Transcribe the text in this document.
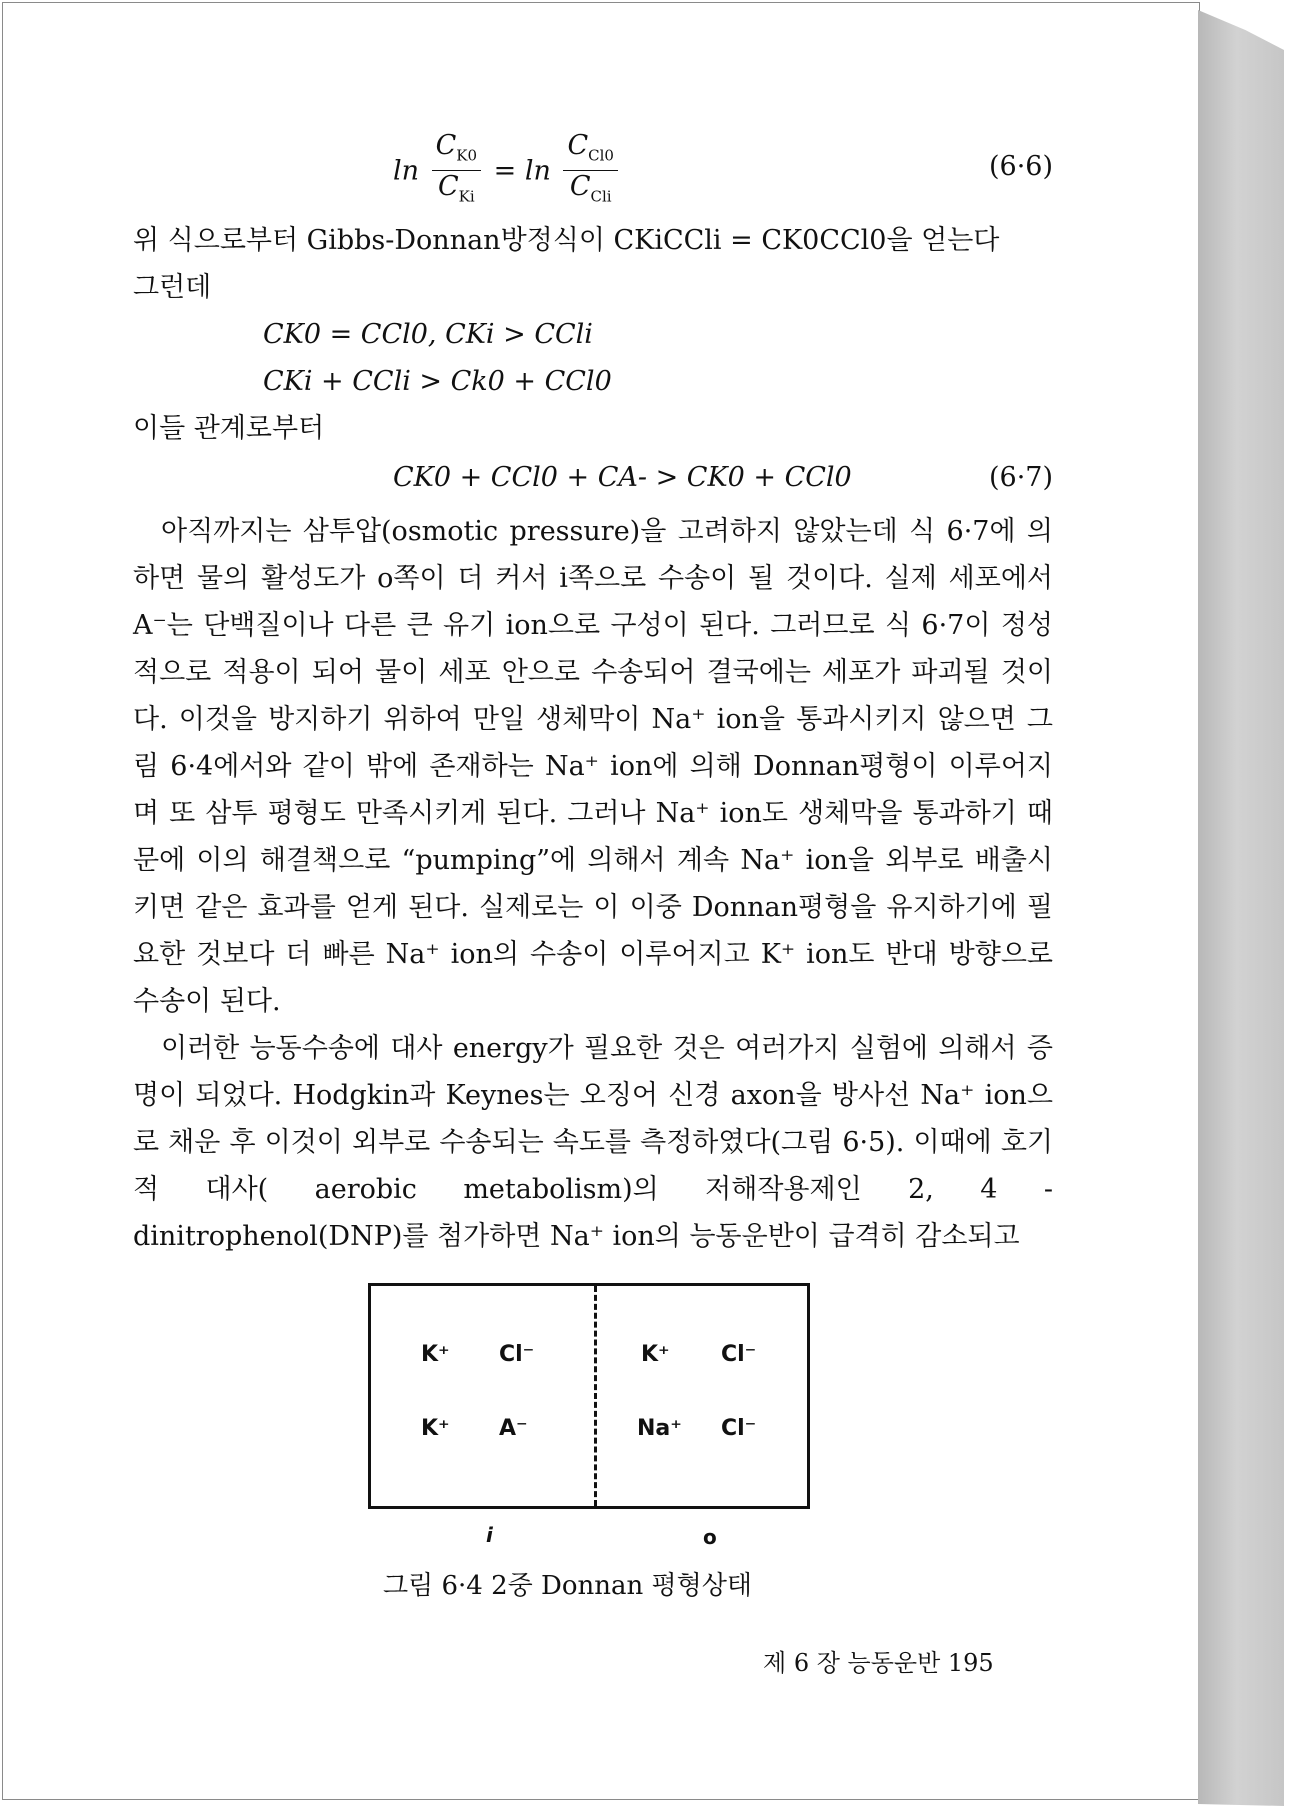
$\ln \frac{C_{K0}}{C_{Ki}} = \ln \frac{C_{Cl0}}{C_{Cli}}$	(6·6)

위 식으로부터 Gibbs-Donnan방정식이 CKiCCli = CK0CCl0을 얻는다

그런데

CK0 = CCl0, CKi > CCli

CKi + CCli > Ck0 + CCl0

이들 관계로부터

CK0 + CCl0 + CA- > CK0 + CCl0	(6·7)

아직까지는 삼투압(osmotic pressure)을 고려하지 않았는데 식 6·7에 의하면 물의 활성도가 o쪽이 더 커서 i쪽으로 수송이 될 것이다. 실제 세포에서 A⁻는 단백질이나 다른 큰 유기 ion으로 구성이 된다. 그러므로 식 6·7이 정성적으로 적용이 되어 물이 세포 안으로 수송되어 결국에는 세포가 파괴될 것이다. 이것을 방지하기 위하여 만일 생체막이 Na⁺ ion을 통과시키지 않으면 그림 6·4에서와 같이 밖에 존재하는 Na⁺ ion에 의해 Donnan평형이 이루어지며 또 삼투 평형도 만족시키게 된다. 그러나 Na⁺ ion도 생체막을 통과하기 때문에 이의 해결책으로 “pumping”에 의해서 계속 Na⁺ ion을 외부로 배출시키면 같은 효과를 얻게 된다. 실제로는 이 이중 Donnan평형을 유지하기에 필요한 것보다 더 빠른 Na⁺ ion의 수송이 이루어지고 K⁺ ion도 반대 방향으로 수송이 된다.

이러한 능동수송에 대사 energy가 필요한 것은 여러가지 실험에 의해서 증명이 되었다. Hodgkin과 Keynes는 오징어 신경 axon을 방사선 Na⁺ ion으로 채운 후 이것이 외부로 수송되는 속도를 측정하였다(그림 6·5). 이때에 호기적 대사( aerobic metabolism)의 저해작용제인 2, 4 -dinitrophenol(DNP)를 첨가하면 Na⁺ ion의 능동운반이 급격히 감소되고

K⁺ Cl⁻
K⁺ A⁻
K⁺ Cl⁻
Na⁺ Cl⁻
i	o
그림 6·4 2중 Donnan 평형상태
제 6 장 능동운반 195
